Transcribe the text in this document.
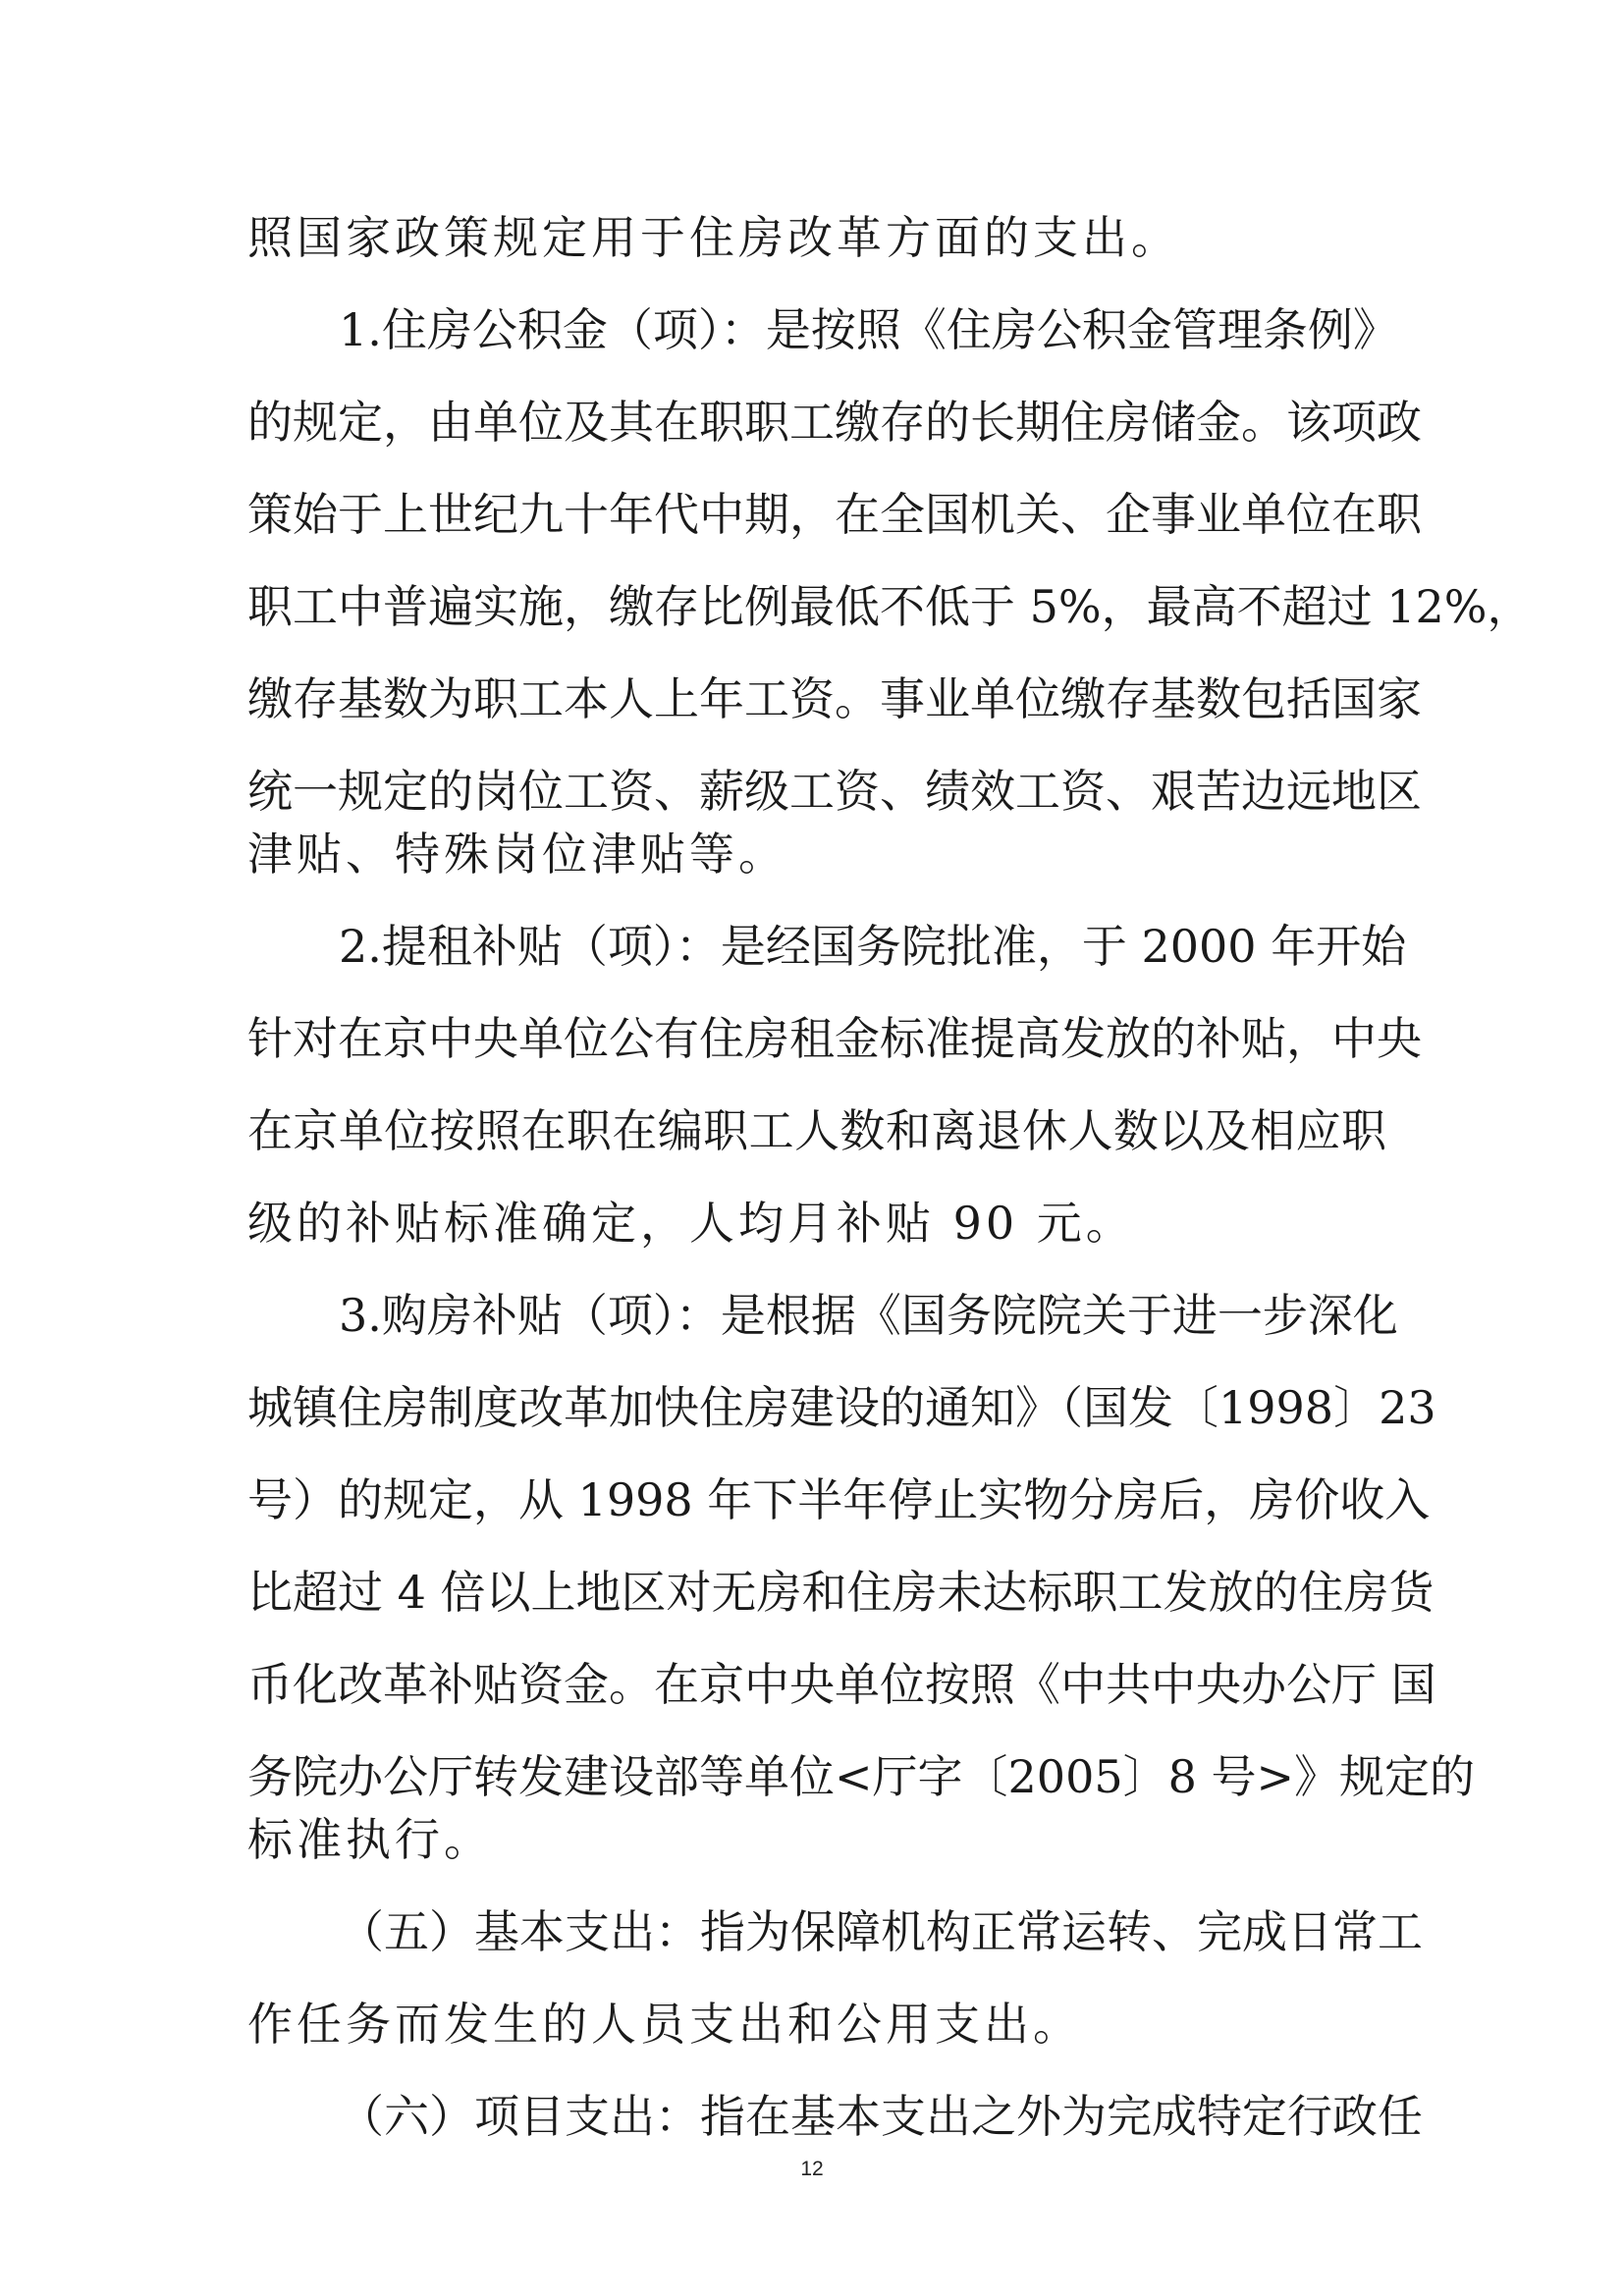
照国家政策规定用于住房改革方面的支出。
1.住房公积金（项）：是按照《住房公积金管理条例》
的规定，由单位及其在职职工缴存的长期住房储金。该项政
策始于上世纪九十年代中期，在全国机关、企事业单位在职
职工中普遍实施，缴存比例最低不低于 5%，最高不超过 12%，
缴存基数为职工本人上年工资。事业单位缴存基数包括国家
统一规定的岗位工资、薪级工资、绩效工资、艰苦边远地区
津贴、特殊岗位津贴等。
2.提租补贴（项）：是经国务院批准，于 2000 年开始
针对在京中央单位公有住房租金标准提高发放的补贴，中央
在京单位按照在职在编职工人数和离退休人数以及相应职
级的补贴标准确定，人均月补贴 90 元。
3.购房补贴（项）：是根据《国务院院关于进一步深化
城镇住房制度改革加快住房建设的通知》（国发〔1998〕23
号）的规定，从 1998 年下半年停止实物分房后，房价收入
比超过 4 倍以上地区对无房和住房未达标职工发放的住房货
币化改革补贴资金。在京中央单位按照《中共中央办公厅 国
务院办公厅转发建设部等单位<厅字〔2005〕8 号>》规定的
标准执行。
（五）基本支出：指为保障机构正常运转、完成日常工
作任务而发生的人员支出和公用支出。
（六）项目支出：指在基本支出之外为完成特定行政任
12
